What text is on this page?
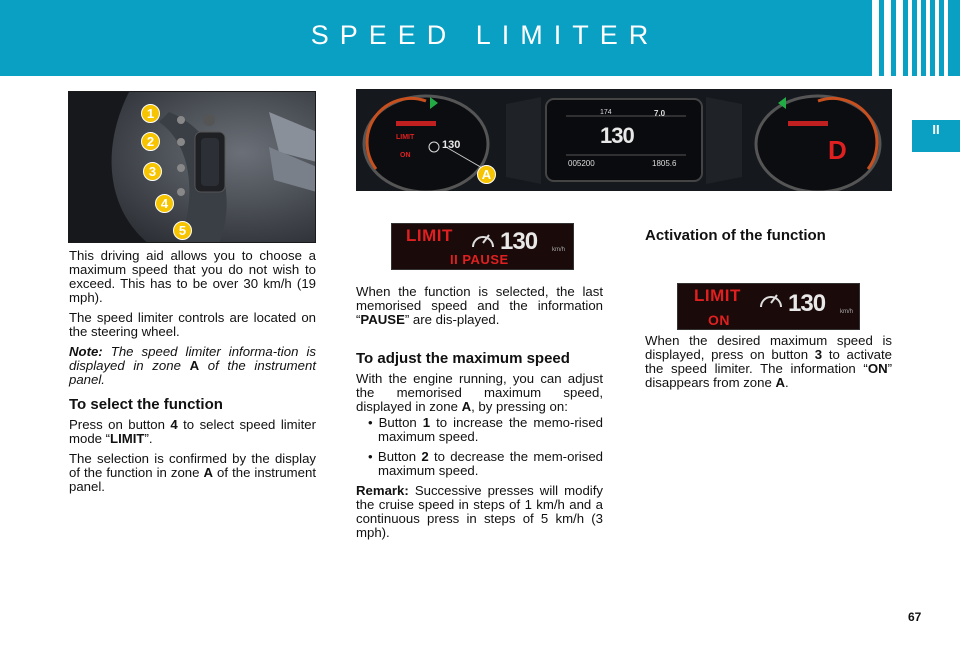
SPEED LIMITER
II
1
2
3
4
5
LIMIT
ON
130
174	7.0
130
005200	1805.6	D
A
LIMIT 130 km/h
II PAUSE
LIMIT 130 km/h
ON

This driving aid allows you to choose a maximum speed that you do not wish to exceed. This has to be over 30 km/h (19 mph).

The speed limiter controls are located on the steering wheel.

Note: The speed limiter informa-tion is displayed in zone A of the instrument panel.

To select the function

Press on button 4 to select speed limiter mode “LIMIT”.

The selection is confirmed by the display of the function in zone A of the instrument panel.

When the function is selected, the last memorised speed and the information “PAUSE” are dis-played.

To adjust the maximum speed

With the engine running, you can adjust the memorised maximum speed, displayed in zone A, by pressing on:

• Button 1 to increase the memo-rised maximum speed.

• Button 2 to decrease the mem-orised maximum speed.

Remark: Successive presses will modify the cruise speed in steps of 1 km/h and a continuous press in steps of 5 km/h (3 mph).

Activation of the function

When the desired maximum speed is displayed, press on button 3 to activate the speed limiter. The information “ON” disappears from zone A.

67
